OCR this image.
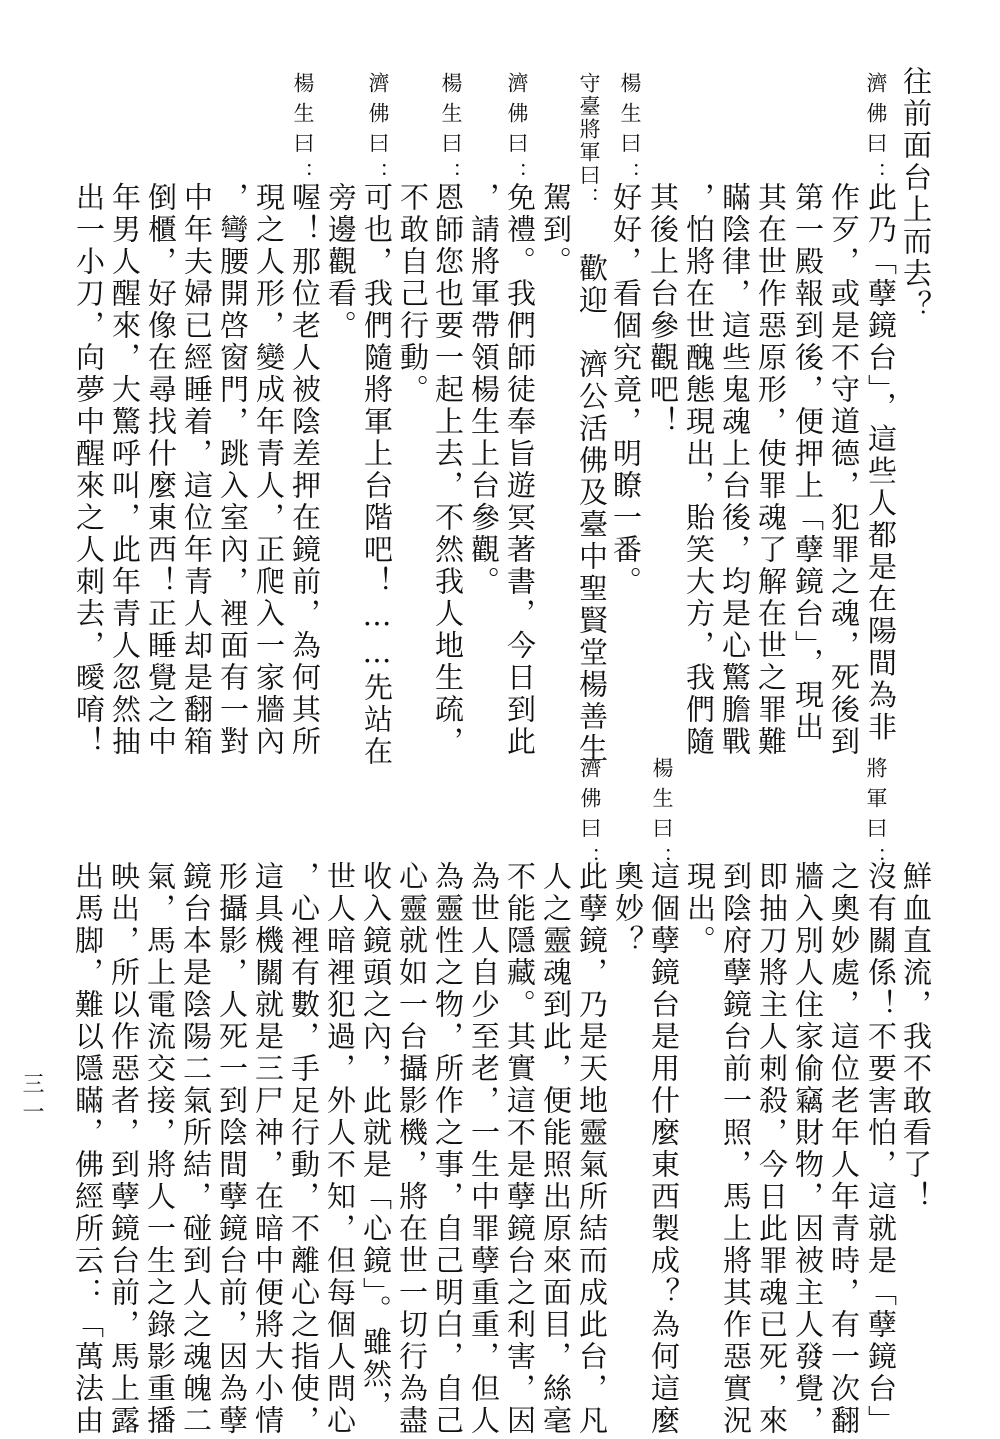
濟佛曰：
楊生曰：
守臺將軍曰：
濟佛曰：
楊生曰：
濟佛曰：
楊生曰：	往前面台上而去？
此乃「孽鏡台」，這些人都是在陽間為非
作歹，或是不守道德，犯罪之魂，死後到
第一殿報到後，便押上「孽鏡台」，現出
其在世作惡原形，使罪魂了解在世之罪難
瞞陰律，這些鬼魂上台後，均是心驚膽戰
，怕將在世醜態現出，貽笑大方，我們隨
其後上台參觀吧！
好好，看個究竟，明瞭一番。
歡迎　濟公活佛及臺中聖賢堂楊善生
駕到。
免禮。我們師徒奉旨遊冥著書，今日到此
，請將軍帶領楊生上台參觀。
恩師您也要一起上去，不然我人地生疏，
不敢自己行動。
可也，我們隨將軍上台階吧！……先站在
旁邊觀看。
喔！那位老人被陰差押在鏡前，為何其所
現之人形，變成年青人，正爬入一家牆內
，彎腰開啓窗門，跳入室內，裡面有一對
中年夫婦已經睡着，這位年青人却是翻箱
倒櫃，好像在尋找什麼東西！正睡覺之中
年男人醒來，大驚呼叫，此年青人忽然抽
出一小刀，向夢中醒來之人刺去，曖唷！
將軍曰：
楊生曰：
濟佛曰：
鮮血直流，我不敢看了！
沒有關係！不要害怕，這就是「孽鏡台」
之奧妙處，這位老年人年青時，有一次翻
牆入別人住家偷竊財物，因被主人發覺，
即抽刀將主人刺殺，今日此罪魂已死，來
到陰府孽鏡台前一照，馬上將其作惡實況
現出。
這個孽鏡台是用什麼東西製成？為何這麼
奧妙？
此孽鏡，乃是天地靈氣所結而成此台，凡
人之靈魂到此，便能照出原來面目，絲毫
不能隱藏。其實這不是孽鏡台之利害，因
為世人自少至老，一生中罪孽重重，但人
為靈性之物，所作之事，自己明白，自己
心靈就如一台攝影機，將在世一切行為盡
收入鏡頭之內，此就是「心鏡」。雖然，
世人暗裡犯過，外人不知，但每個人問心
，心裡有數，手足行動，不離心之指使，
這具機關就是三尸神，在暗中便將大小情
形攝影，人死一到陰間孽鏡台前，因為孽
鏡台本是陰陽二氣所結，碰到人之魂魄二
氣，馬上電流交接，將人一生之錄影重播
映出，所以作惡者，到孽鏡台前，馬上露
出馬脚，難以隱瞞，佛經所云：「萬法由
三一
